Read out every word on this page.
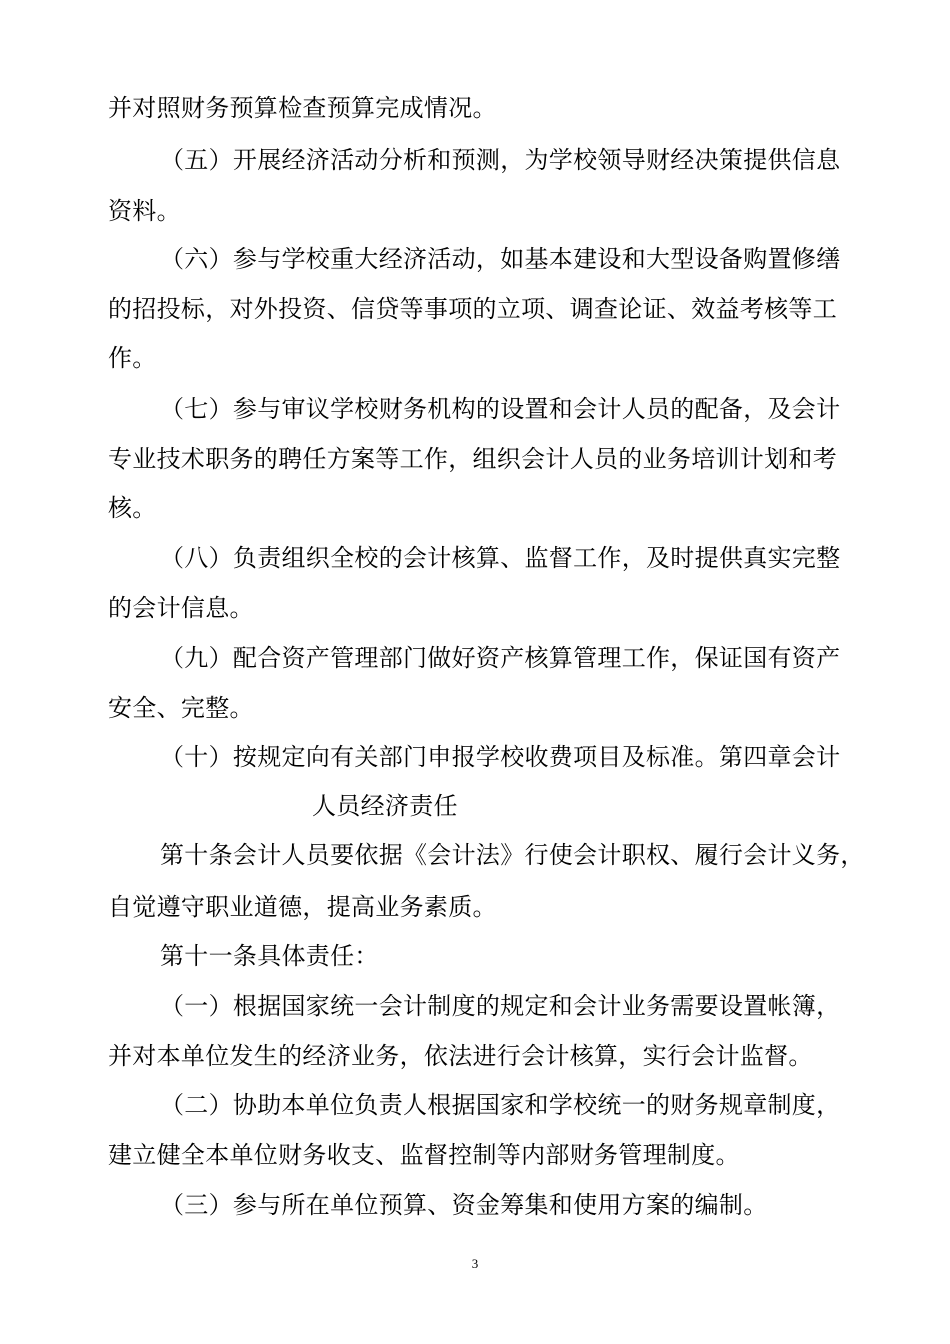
并对照财务预算检查预算完成情况。
（五）开展经济活动分析和预测，为学校领导财经决策提供信息
资料。
（六）参与学校重大经济活动，如基本建设和大型设备购置修缮
的招投标，对外投资、信贷等事项的立项、调查论证、效益考核等工
作。
（七）参与审议学校财务机构的设置和会计人员的配备，及会计
专业技术职务的聘任方案等工作，组织会计人员的业务培训计划和考
核。
（八）负责组织全校的会计核算、监督工作，及时提供真实完整
的会计信息。
（九）配合资产管理部门做好资产核算管理工作，保证国有资产
安全、完整。
（十）按规定向有关部门申报学校收费项目及标准。第四章会计
人员经济责任
第十条会计人员要依据《会计法》行使会计职权、履行会计义务，
自觉遵守职业道德，提高业务素质。
第十一条具体责任：
（一）根据国家统一会计制度的规定和会计业务需要设置帐簿，
并对本单位发生的经济业务，依法进行会计核算，实行会计监督。
（二）协助本单位负责人根据国家和学校统一的财务规章制度，
建立健全本单位财务收支、监督控制等内部财务管理制度。
（三）参与所在单位预算、资金筹集和使用方案的编制。
3
